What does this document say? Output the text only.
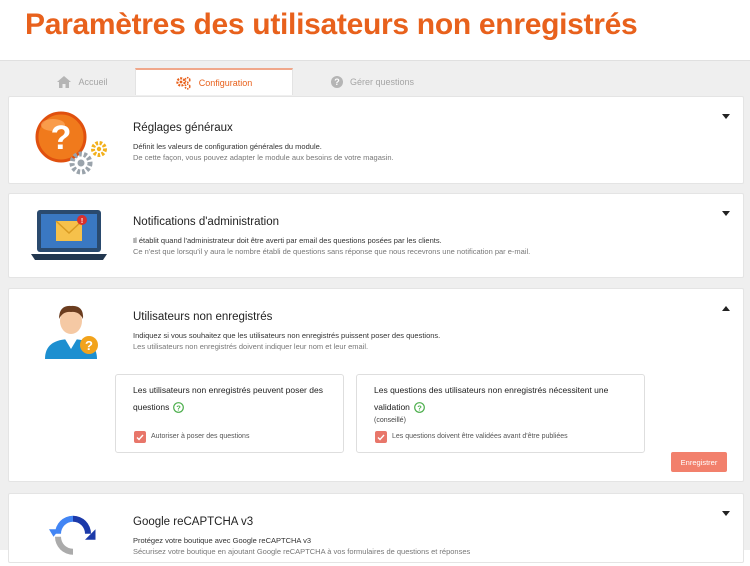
Paramètres des utilisateurs non enregistrés
Accueil	Configuration	? Gérer questions
?	Réglages généraux
Définit les valeurs de configuration générales du module.
De cette façon, vous pouvez adapter le module aux besoins de votre magasin.
!	Notifications d'administration
Il établit quand l'administrateur doit être averti par email des questions posées par les clients.
Ce n'est que lorsqu'il y aura le nombre établi de questions sans réponse que nous recevrons une notification par e-mail.
?
Utilisateurs non enregistrés
Indiquez si vous souhaitez que les utilisateurs non enregistrés puissent poser des questions.
Les utilisateurs non enregistrés doivent indiquer leur nom et leur email.
Les utilisateurs non enregistrés peuvent poser des
questions ?
Autoriser à poser des questions
Les questions des utilisateurs non enregistrés nécessitent une
validation ?
(conseillé)
Les questions doivent être validées avant d'être publiées
Enregistrer
Google reCAPTCHA v3
Protégez votre boutique avec Google reCAPTCHA v3
Sécurisez votre boutique en ajoutant Google reCAPTCHA à vos formulaires de questions et réponses
